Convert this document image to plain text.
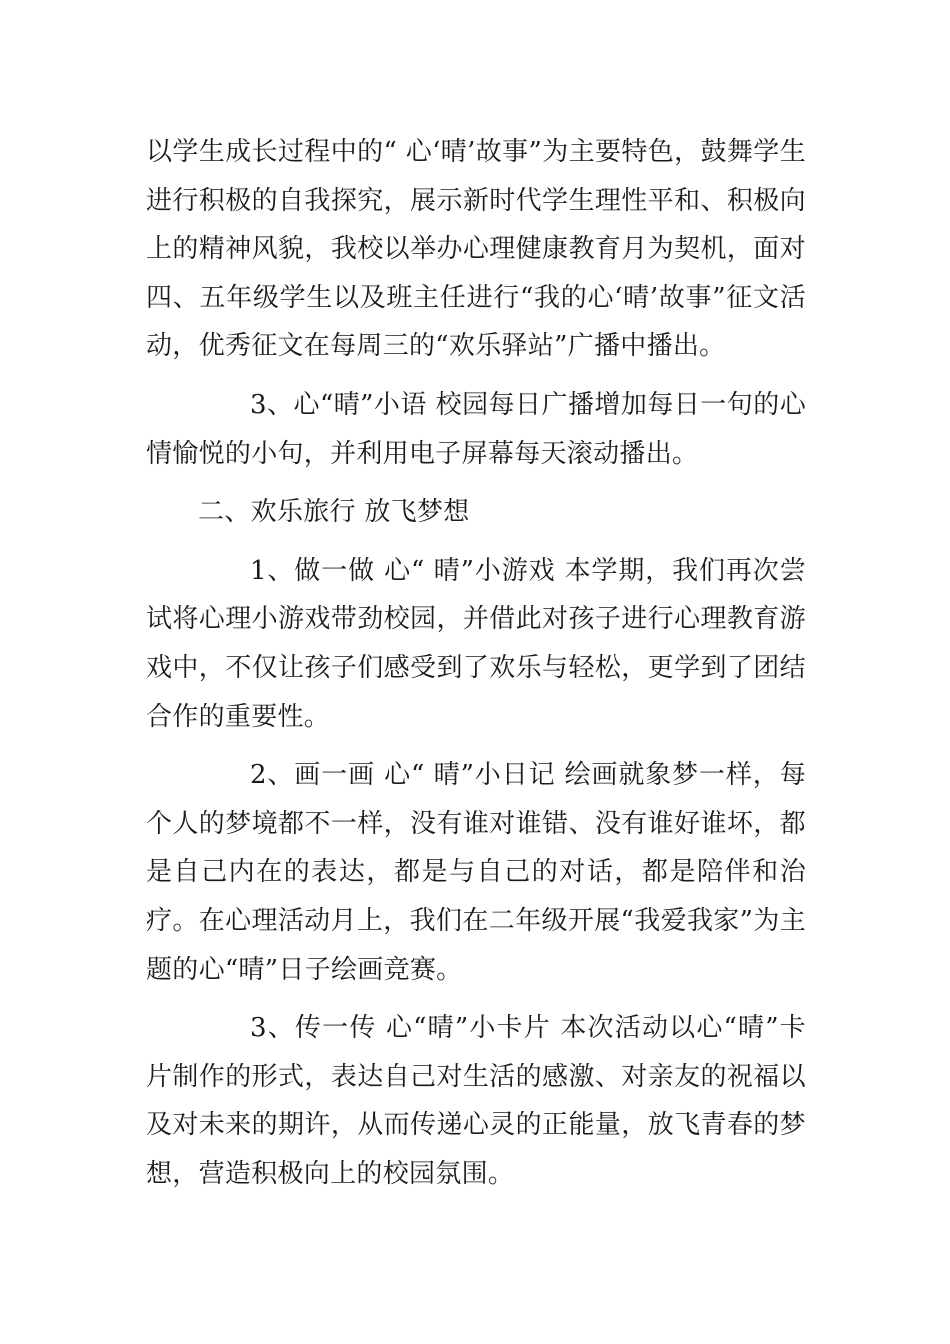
以学生成长过程中的“ 心‘晴’故事”为主要特色，鼓舞学生进行积极的自我探究，展示新时代学生理性平和、积极向上的精神风貌，我校以举办心理健康教育月为契机，面对四、五年级学生以及班主任进行“我的心‘晴’故事”征文活动，优秀征文在每周三的“欢乐驿站”广播中播出。

3、心“晴”小语 校园每日广播增加每日一句的心情愉悦的小句，并利用电子屏幕每天滚动播出。

二、欢乐旅行 放飞梦想

1、做一做 心“ 晴”小游戏 本学期，我们再次尝试将心理小游戏带劲校园，并借此对孩子进行心理教育游戏中，不仅让孩子们感受到了欢乐与轻松，更学到了团结合作的重要性。

2、画一画 心“ 晴”小日记 绘画就象梦一样，每个人的梦境都不一样，没有谁对谁错、没有谁好谁坏，都是自己内在的表达，都是与自己的对话，都是陪伴和治疗。在心理活动月上，我们在二年级开展“我爱我家”为主题的心“晴”日子绘画竞赛。

3、传一传 心“晴”小卡片 本次活动以心“晴”卡片制作的形式，表达自己对生活的感激、对亲友的祝福以及对未来的期许，从而传递心灵的正能量，放飞青春的梦想，营造积极向上的校园氛围。
